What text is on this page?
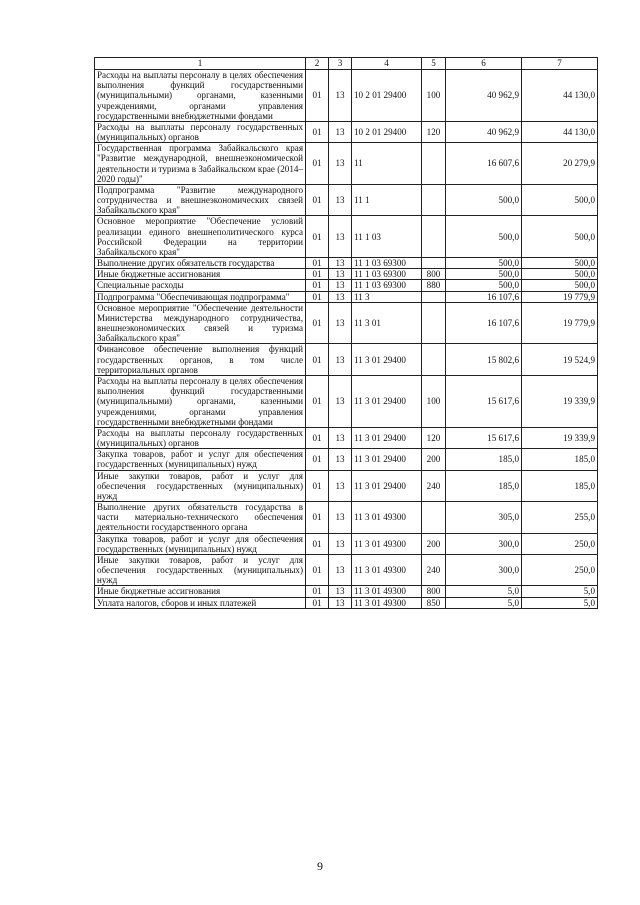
1	2	3	4	5	6	7
Расходы на выплаты персоналу в целях обеспечения выполнения функций государственными (муниципальными) органами, казенными учреждениями, органами управления государственными внебюджетными фондами	01	13	10 2 01 29400	100	40 962,9	44 130,0
Расходы на выплаты персоналу государственных (муниципальных) органов	01	13	10 2 01 29400	120	40 962,9	44 130,0
Государственная программа Забайкальского края "Развитие международной, внешнеэкономической деятельности и туризма в Забайкальском крае (2014–2020 годы)"	01	13	11		16 607,6	20 279,9
Подпрограмма "Развитие международного сотрудничества и внешнеэкономических связей Забайкальского края"	01	13	11 1		500,0	500,0
Основное мероприятие "Обеспечение условий реализации единого внешнеполитического курса Российской Федерации на территории Забайкальского края"	01	13	11 1 03		500,0	500,0
Выполнение других обязательств государства	01	13	11 1 03 69300		500,0	500,0
Иные бюджетные ассигнования	01	13	11 1 03 69300	800	500,0	500,0
Специальные расходы	01	13	11 1 03 69300	880	500,0	500,0
Подпрограмма "Обеспечивающая подпрограмма"	01	13	11 3		16 107,6	19 779,9
Основное мероприятие "Обеспечение деятельности Министерства международного сотрудничества, внешнеэкономических связей и туризма Забайкальского края"	01	13	11 3 01		16 107,6	19 779,9
Финансовое обеспечение выполнения функций государственных органов, в том числе территориальных органов	01	13	11 3 01 29400		15 802,6	19 524,9
Расходы на выплаты персоналу в целях обеспечения выполнения функций государственными (муниципальными) органами, казенными учреждениями, органами управления государственными внебюджетными фондами	01	13	11 3 01 29400	100	15 617,6	19 339,9
Расходы на выплаты персоналу государственных (муниципальных) органов	01	13	11 3 01 29400	120	15 617,6	19 339,9
Закупка товаров, работ и услуг для обеспечения государственных (муниципальных) нужд	01	13	11 3 01 29400	200	185,0	185,0
Иные закупки товаров, работ и услуг для обеспечения государственных (муниципальных) нужд	01	13	11 3 01 29400	240	185,0	185,0
Выполнение других обязательств государства в части материально-технического обеспечения деятельности государственного органа	01	13	11 3 01 49300		305,0	255,0
Закупка товаров, работ и услуг для обеспечения государственных (муниципальных) нужд	01	13	11 3 01 49300	200	300,0	250,0
Иные закупки товаров, работ и услуг для обеспечения государственных (муниципальных) нужд	01	13	11 3 01 49300	240	300,0	250,0
Иные бюджетные ассигнования	01	13	11 3 01 49300	800	5,0	5,0
Уплата налогов, сборов и иных платежей	01	13	11 3 01 49300	850	5,0	5,0
9
